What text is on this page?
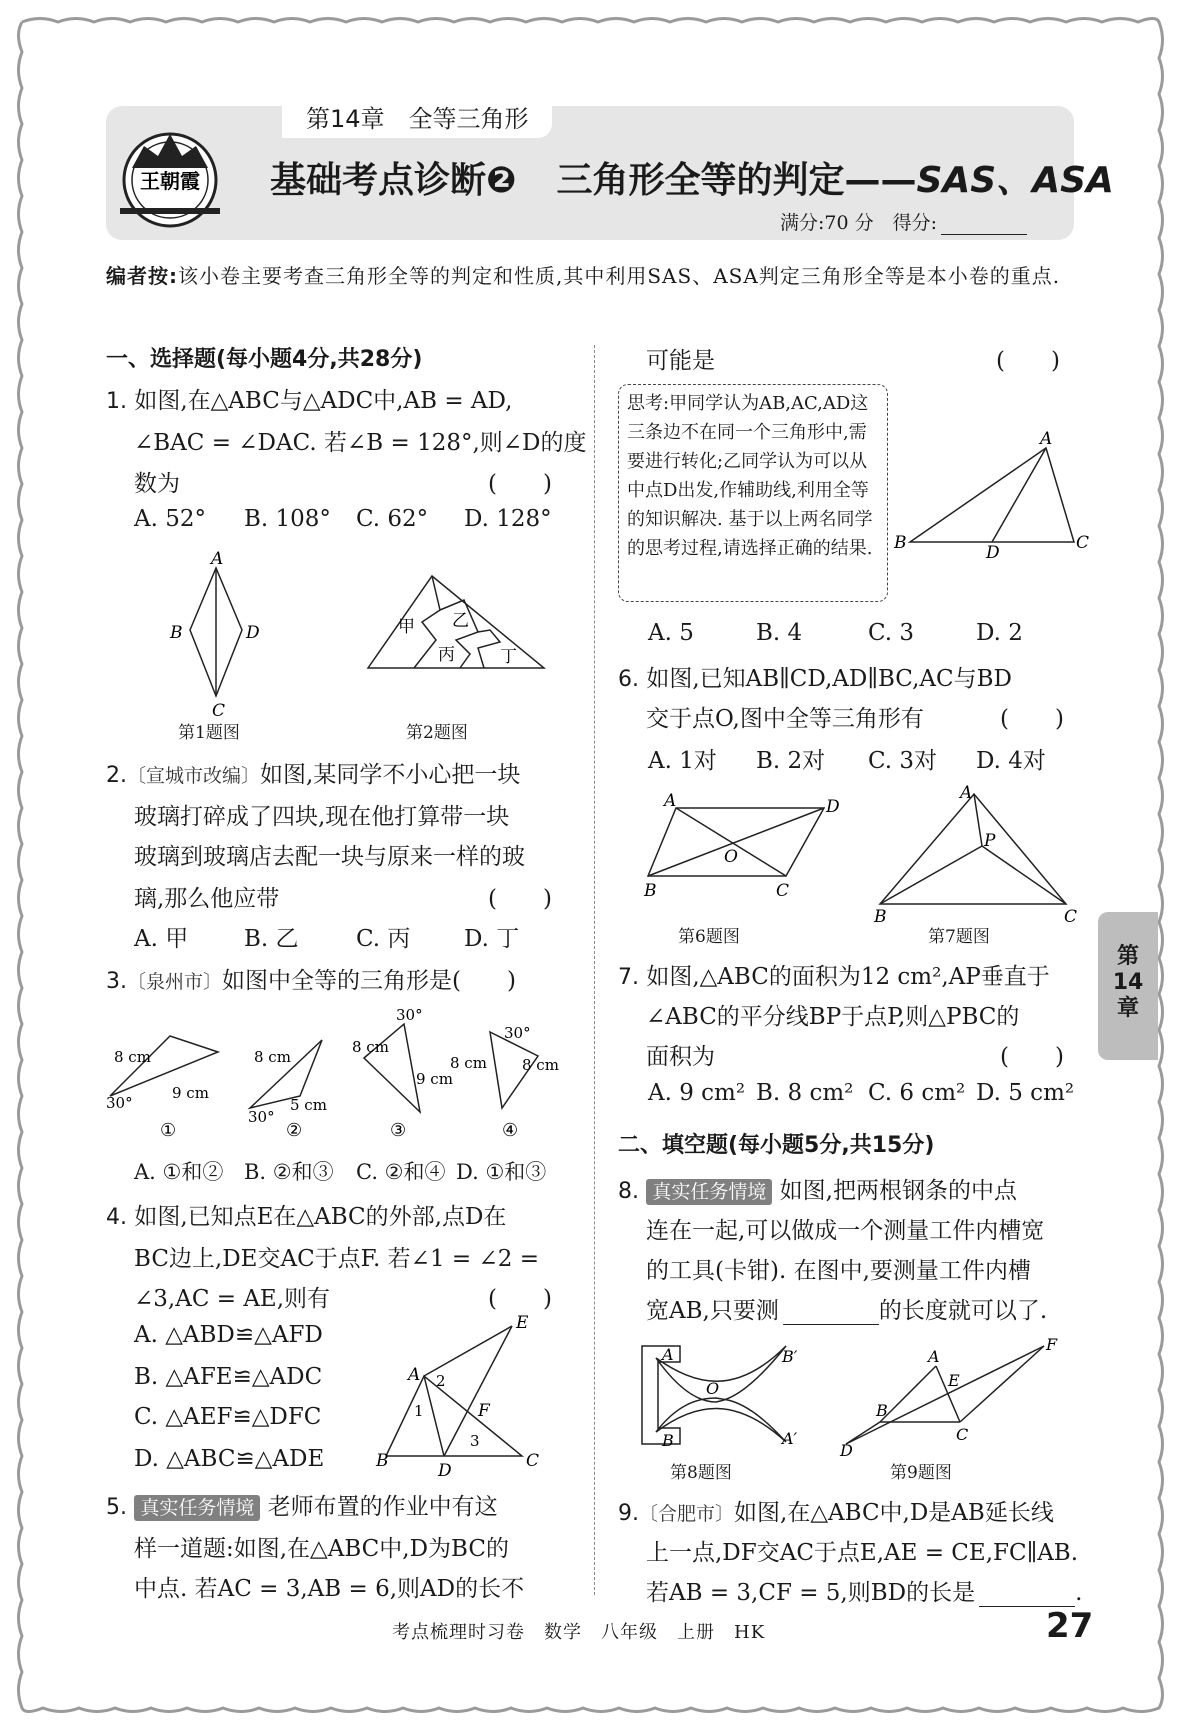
王朝霞
第14章　全等三角形
基础考点诊断❷ 三角形全等的判定——SAS、ASA
满分:70 分　得分:
编者按:该小卷主要考查三角形全等的判定和性质,其中利用SAS、ASA判定三角形全等是本小卷的重点.
一、选择题(每小题4分,共28分)
1. 如图,在△ABC与△ADC中,AB = AD,
∠BAC = ∠DAC. 若∠B = 128°,则∠D的度
数为	(　　)
A. 52° B. 108° C. 62° D. 128°
A
B	D
C
第1题图
甲 乙
丙	丁
第2题图
2.〔宣城市改编〕如图,某同学不小心把一块
玻璃打碎成了四块,现在他打算带一块
玻璃到玻璃店去配一块与原来一样的玻
璃,那么他应带	(　　)
A. 甲 B. 乙 C. 丙 D. 丁
3.〔泉州市〕如图中全等的三角形是(　　)
8 cm
9 cm
30°
8 cm
5 cm
30°
30°
8 cm
9 cm
30°
8 cm 8 cm
①	②	③	④
A. ①和② B. ②和③ C. ②和④ D. ①和③
4. 如图,已知点E在△ABC的外部,点D在
BC边上,DE交AC于点F. 若∠1 = ∠2 =
∠3,AC = AE,则有	(　　)
A. △ABD≌△AFD
B. △AFE≌△ADC
C. △AEF≌△DFC
D. △ABC≌△ADE
E
A
F
B	D	C
1
2
3
5. 真实任务情境 老师布置的作业中有这
样一道题:如图,在△ABC中,D为BC的
中点. 若AC = 3,AB = 6,则AD的长不
可能是	(　　)
思考:甲同学认为AB,AC,AD这三条边不在同一个三角形中,需要进行转化;乙同学认为可以从中点D出发,作辅助线,利用全等的知识解决. 基于以上两名同学的思考过程,请选择正确的结果.
A
B	D	C
A. 5	B. 4	C. 3	D. 2
6. 如图,已知AB∥CD,AD∥BC,AC与BD
交于点O,图中全等三角形有	(　　)
A. 1对 B. 2对 C. 3对 D. 4对
A	D
O
B	C
第6题图
A
P
B	C
第7题图
7. 如图,△ABC的面积为12 cm²,AP垂直于
∠ABC的平分线BP于点P,则△PBC的
面积为	(　　)
A. 9 cm² B. 8 cm² C. 6 cm² D. 5 cm²
二、填空题(每小题5分,共15分)
8. 真实任务情境 如图,把两根钢条的中点
连在一起,可以做成一个测量工件内槽宽
的工具(卡钳). 在图中,要测量工件内槽
宽AB,只要测	的长度就可以了.
A
O
B′
B	A′
第8题图
A
E
F
B
C
D
第9题图
9.〔合肥市〕如图,在△ABC中,D是AB延长线
上一点,DF交AC于点E,AE = CE,FC∥AB.
若AB = 3,CF = 5,则BD的长是	.
第
14
章
考点梳理时习卷　数学　八年级　上册　HK	27
